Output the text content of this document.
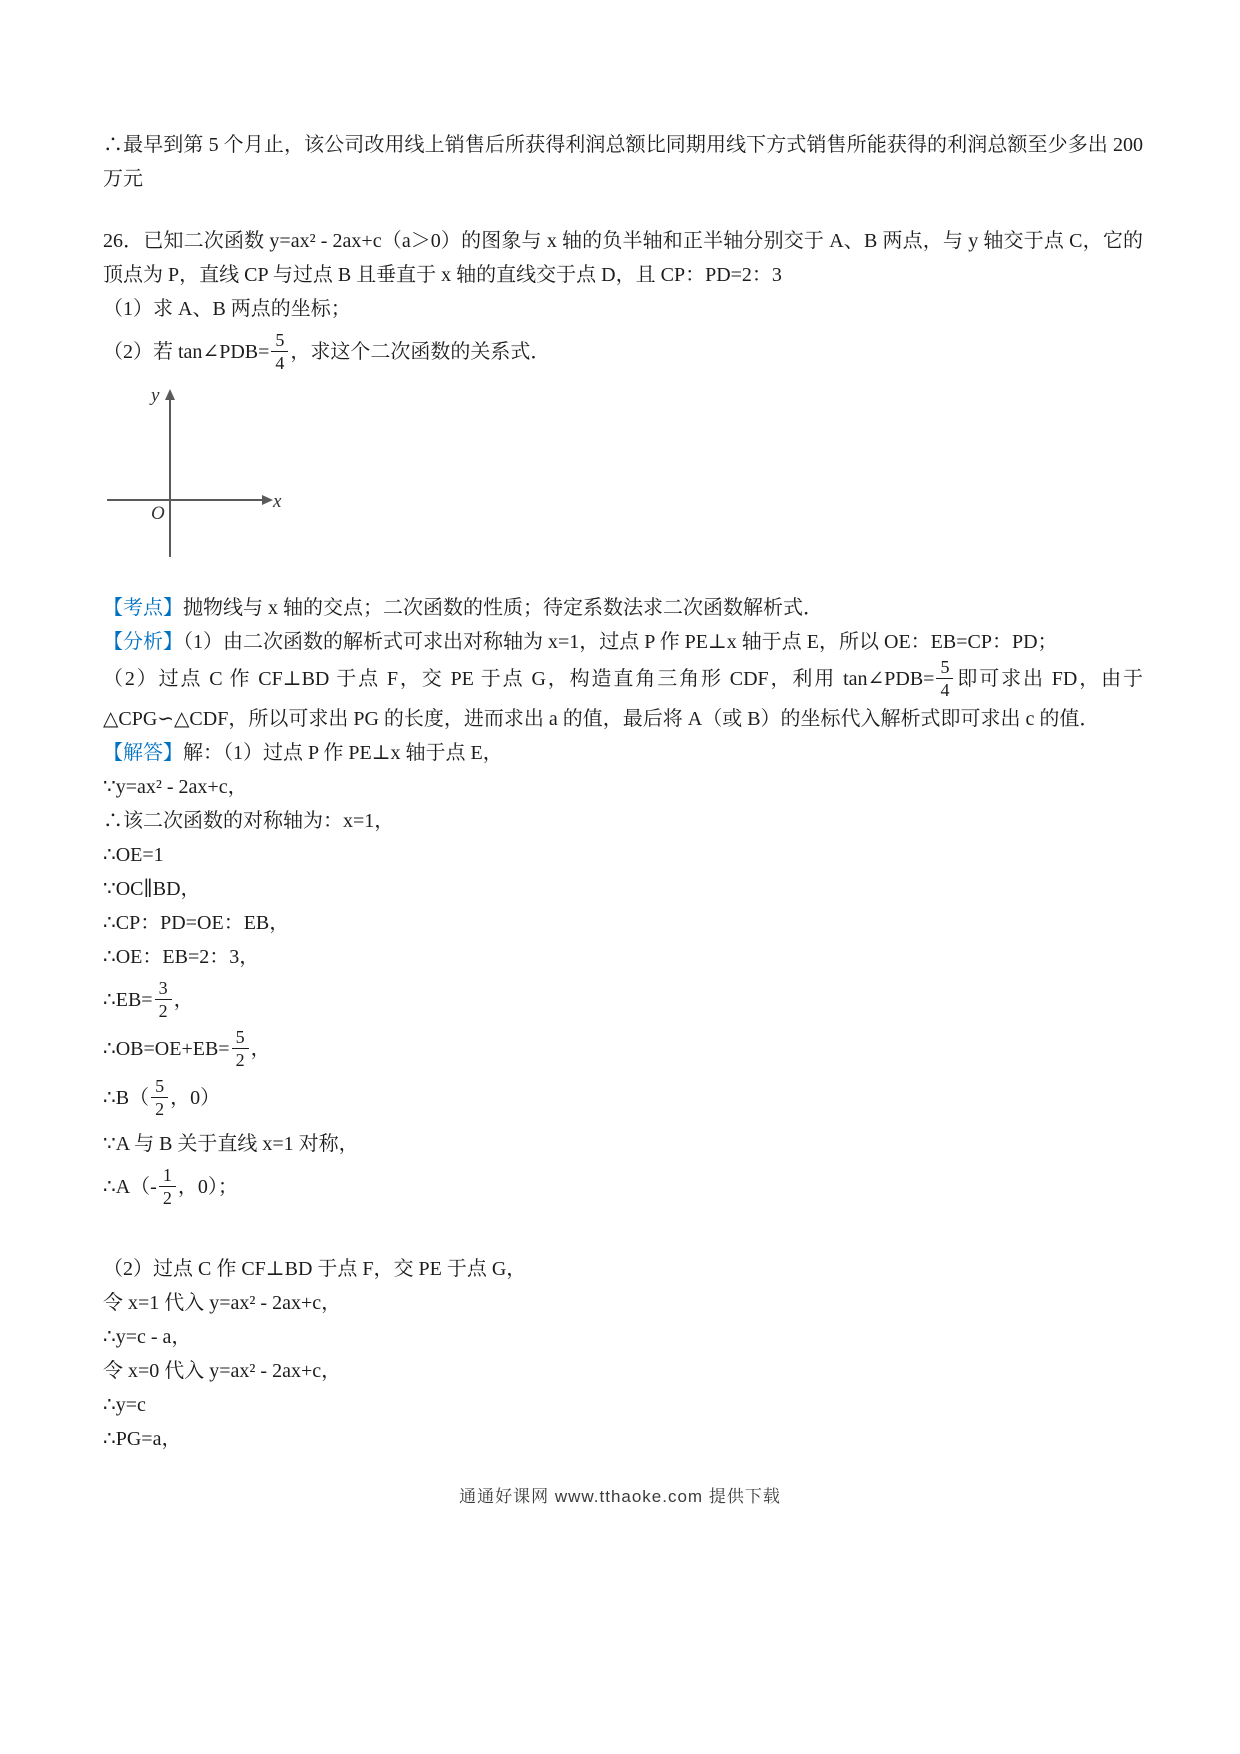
∴最早到第 5 个月止，该公司改用线上销售后所获得利润总额比同期用线下方式销售所能获得的利润总额至少多出 200 万元

26．已知二次函数 y=ax² - 2ax+c（a＞0）的图象与 x 轴的负半轴和正半轴分别交于 A、B 两点，与 y 轴交于点 C，它的顶点为 P，直线 CP 与过点 B 且垂直于 x 轴的直线交于点 D，且 CP：PD=2：3

（1）求 A、B 两点的坐标；
（2）若 tan∠PDB= $\frac{5}{4}$ ，求这个二次函数的关系式．
y
x
O

【考点】抛物线与 x 轴的交点；二次函数的性质；待定系数法求二次函数解析式．

【分析】（1）由二次函数的解析式可求出对称轴为 x=1，过点 P 作 PE⊥x 轴于点 E，所以 OE：EB=CP：PD；

（2）过点 C 作 CF⊥BD 于点 F，交 PE 于点 G，构造直角三角形 CDF，利用 tan∠PDB= $\frac{5}{4}$ 即可求出 FD，由于△CPG∽△CDF，所以可求出 PG 的长度，进而求出 a 的值，最后将 A（或 B）的坐标代入解析式即可求出 c 的值．

【解答】解：（1）过点 P 作 PE⊥x 轴于点 E，
∵y=ax² - 2ax+c，
∴该二次函数的对称轴为：x=1，
∴OE=1
∵OC∥BD，
∴CP：PD=OE：EB，
∴OE：EB=2：3，
∴EB= $\frac{3}{2}$ ，
∴OB=OE+EB= $\frac{5}{2}$ ，
∴B（ $\frac{5}{2}$ ，0）
∵A 与 B 关于直线 x=1 对称，
∴A（- $\frac{1}{2}$ ，0）；
（2）过点 C 作 CF⊥BD 于点 F，交 PE 于点 G，
令 x=1 代入 y=ax² - 2ax+c，
∴y=c - a，
令 x=0 代入 y=ax² - 2ax+c，
∴y=c
∴PG=a，
通通好课网 www.tthaoke.com 提供下载
